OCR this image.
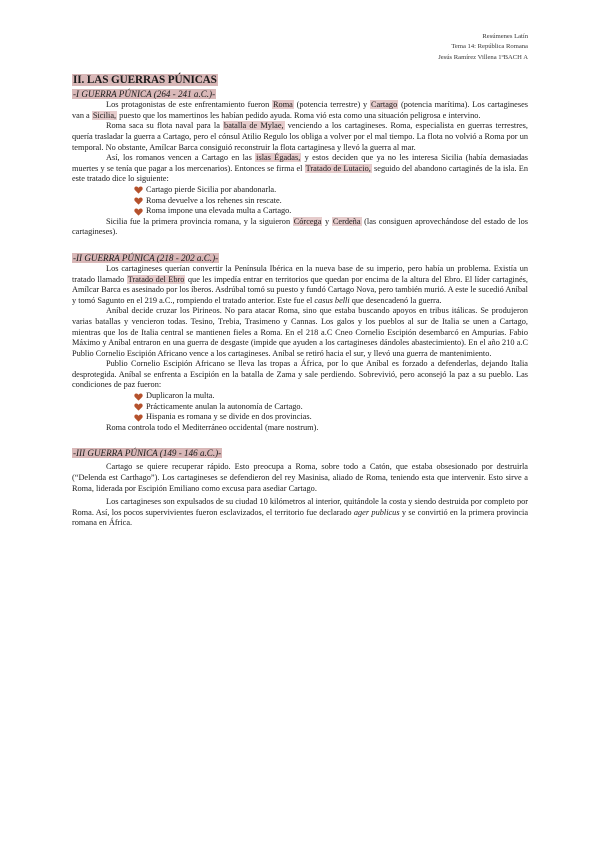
Resúmenes Latín
Tema 14: República Romana
Jesús Ramírez Villena 1ºBACH A
II. LAS GUERRAS PÚNICAS
-I GUERRA PÚNICA (264 - 241 a.C.)-

Los protagonistas de este enfrentamiento fueron Roma (potencia terrestre) y Cartago (potencia marítima). Los cartagineses van a Sicilia, puesto que los mamertinos les habían pedido ayuda. Roma vió esta como una situación peligrosa e intervino.

Roma saca su flota naval para la batalla de Mylae, venciendo a los cartagineses. Roma, especialista en guerras terrestres, quería trasladar la guerra a Cartago, pero el cónsul Atilio Regulo los obliga a volver por el mal tiempo. La flota no volvió a Roma por un temporal. No obstante, Amílcar Barca consiguió reconstruir la flota cartaginesa y llevó la guerra al mar.

Así, los romanos vencen a Cartago en las islas Égadas, y estos deciden que ya no les interesa Sicilia (había demasiadas muertes y se tenía que pagar a los mercenarios). Entonces se firma el Tratado de Lutacio, seguido del abandono cartaginés de la isla. En este tratado dice lo siguiente:

Cartago pierde Sicilia por abandonarla.
Roma devuelve a los rehenes sin rescate.
Roma impone una elevada multa a Cartago.

Sicilia fue la primera provincia romana, y la siguieron Córcega y Cerdeña (las consiguen aprovechándose del estado de los cartagineses).

-II GUERRA PÚNICA (218 - 202 a.C.)-

Los cartagineses querían convertir la Península Ibérica en la nueva base de su imperio, pero había un problema. Existía un tratado llamado Tratado del Ebro que les impedía entrar en territorios que quedan por encima de la altura del Ebro. El líder cartaginés, Amílcar Barca es asesinado por los íberos. Asdrúbal tomó su puesto y fundó Cartago Nova, pero también murió. A este le sucedió Aníbal y tomó Sagunto en el 219 a.C., rompiendo el tratado anterior. Este fue el casus belli que desencadenó la guerra.

Aníbal decide cruzar los Pirineos. No para atacar Roma, sino que estaba buscando apoyos en tribus itálicas. Se produjeron varias batallas y vencieron todas. Tesino, Trebia, Trasimeno y Cannas. Los galos y los pueblos al sur de Italia se unen a Cartago, mientras que los de Italia central se mantienen fieles a Roma. En el 218 a.C Cneo Cornelio Escipión desembarcó en Ampurias. Fabio Máximo y Aníbal entraron en una guerra de desgaste (impide que ayuden a los cartagineses dándoles abastecimiento). En el año 210 a.C Publio Cornelio Escipión Africano vence a los cartagineses. Aníbal se retiró hacia el sur, y llevó una guerra de mantenimiento.

Publio Cornelio Escipión Africano se lleva las tropas a África, por lo que Aníbal es forzado a defenderlas, dejando Italia desprotegida. Aníbal se enfrenta a Escipión en la batalla de Zama y sale perdiendo. Sobrevivió, pero aconsejó la paz a su pueblo. Las condiciones de paz fueron:

Duplicaron la multa.
Prácticamente anulan la autonomía de Cartago.
Hispania es romana y se divide en dos provincias.

Roma controla todo el Mediterráneo occidental (mare nostrum).

-III GUERRA PÚNICA (149 - 146 a.C.)-

Cartago se quiere recuperar rápido. Esto preocupa a Roma, sobre todo a Catón, que estaba obsesionado por destruirla (“Delenda est Carthago”). Los cartagineses se defendieron del rey Masinisa, aliado de Roma, teniendo esta que intervenir. Esto sirve a Roma, liderada por Escipión Emiliano como excusa para asediar Cartago.

Los cartagineses son expulsados de su ciudad 10 kilómetros al interior, quitándole la costa y siendo destruida por completo por Roma. Así, los pocos supervivientes fueron esclavizados, el territorio fue declarado ager publicus y se convirtió en la primera provincia romana en África.
